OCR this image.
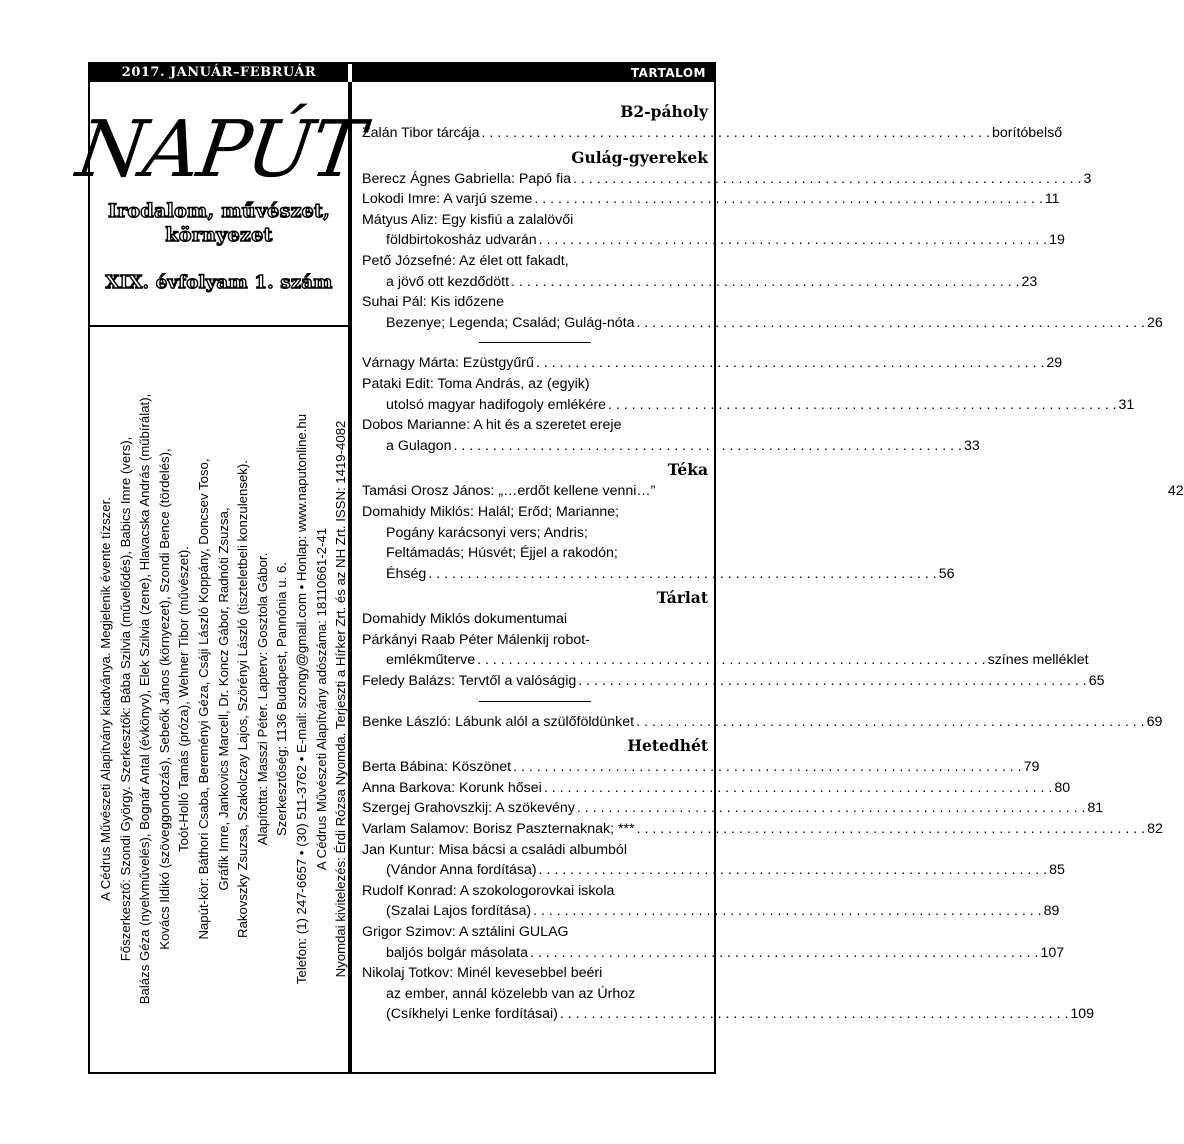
2017. JANUÁR–FEBRUÁR	TARTALOM
NAPÚT
Irodalom, művészet,
környezet
XIX. évfolyam 1. szám

A Cédrus Művészeti Alapítvány kiadványa. Megjelenik évente tízszer. Főszerkesztő: Szondi György. Szerkesztők: Bába Szilvia (művelődés), Babics Imre (vers), Balázs Géza (nyelvművelés), Bognár Antal (évkönyv), Elek Szilvia (zene), Hlavacska András (műbírálat), Kovács Ildikó (szöveggondozás), Sebeők János (környezet), Szondi Bence (tördelés), Toót-Holló Tamás (próza), Wehner Tibor (művészet). Napút-kör: Báthori Csaba, Bereményi Géza, Csáji László Koppány, Doncsev Toso, Gráfik Imre, Jankovics Marcell, Dr. Koncz Gábor, Radnóti Zsuzsa, Rakovszky Zsuzsa, Szakolczay Lajos, Szörényi László (tiszteletbeli konzulensek). Alapította: Masszi Péter. Lapterv: Gosztola Gábor. Szerkesztőség: 1136 Budapest, Pannónia u. 6. Telefon: (1) 247-6657 • (30) 511-3762 • E-mail: szongy@gmail.com • Honlap: www.naputonline.hu A Cédrus Művészeti Alapítvány adószáma: 18110661-2-41 Nyomdai kivitelezés: Érdi Rózsa Nyomda. Terjeszti a Hírker Zrt. és az NH Zrt. ISSN: 1419-4082

B2-páholy
Zalán Tibor tárcája . . .	borítóbelső
Gulág-gyerekek
Berecz Ágnes Gabriella: Papó fia . . .	3
Lokodi Imre: A varjú szeme . . .	11
Mátyus Aliz: Egy kisfiú a zalalövői
földbirtokosház udvarán . . .	19
Pető Józsefné: Az élet ott fakadt,
a jövő ott kezdődött . . .	23
Suhai Pál: Kis időzene
Bezenye; Legenda; Család; Gulág-nóta . . .	26
Várnagy Márta: Ezüstgyűrű . . .	29
Pataki Edit: Toma András, az (egyik)
utolsó magyar hadifogoly emlékére . . .	31
Dobos Marianne: A hit és a szeretet ereje
a Gulagon . . .	33
Téka
Tamási Orosz János: „…erdőt kellene venni…”	42
Domahidy Miklós: Halál; Erőd; Marianne;
Pogány karácsonyi vers; Andris;
Feltámadás; Húsvét; Éjjel a rakodón;
Éhség . . .	56
Tárlat
Domahidy Miklós dokumentumai
Párkányi Raab Péter Málenkij robot-
emlékműterve . . .	színes melléklet
Feledy Balázs: Tervtől a valóságig . . .	65
Benke László: Lábunk alól a szülőföldünket . . .	69
Hetedhét
Berta Bábina: Köszönet . . .	79
Anna Barkova: Korunk hősei . . .	80
Szergej Grahovszkij: A szökevény . . .	81
Varlam Salamov: Borisz Paszternaknak; *** . . .	82
Jan Kuntur: Misa bácsi a családi albumból
(Vándor Anna fordítása) . . .	85
Rudolf Konrad: A szokologorovkai iskola
(Szalai Lajos fordítása) . . .	89
Grigor Szimov: A sztálini GULAG
baljós bolgár másolata . . .	107
Nikolaj Totkov: Minél kevesebbel beéri
az ember, annál közelebb van az Úrhoz
(Csíkhelyi Lenke fordításai) . . .	109
